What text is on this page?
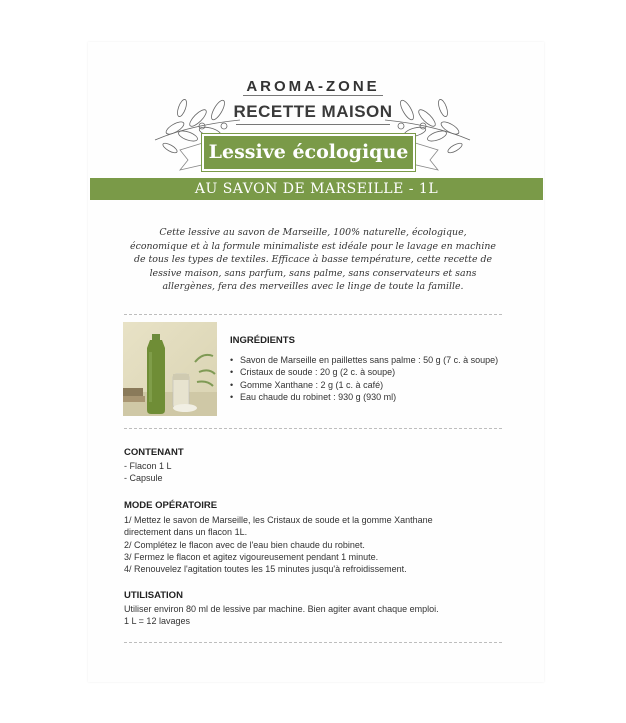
AROMA-ZONE
RECETTE MAISON
Lessive écologique
AU SAVON DE MARSEILLE - 1L
Cette lessive au savon de Marseille, 100% naturelle, écologique, économique et à la formule minimaliste est idéale pour le lavage en machine de tous les types de textiles. Efficace à basse température, cette recette de lessive maison, sans parfum, sans palme, sans conservateurs et sans allergènes, fera des merveilles avec le linge de toute la famille.
INGRÉDIENTS
• Savon de Marseille en paillettes sans palme : 50 g (7 c. à soupe)
• Cristaux de soude : 20 g (2 c. à soupe)
• Gomme Xanthane : 2 g (1 c. à café)
• Eau chaude du robinet : 930 g (930 ml)
CONTENANT
- Flacon 1 L
- Capsule
MODE OPÉRATOIRE
1/ Mettez le savon de Marseille, les Cristaux de soude et la gomme Xanthane
directement dans un flacon 1L.
2/ Complétez le flacon avec de l'eau bien chaude du robinet.
3/ Fermez le flacon et agitez vigoureusement pendant 1 minute.
4/ Renouvelez l'agitation toutes les 15 minutes jusqu'à refroidissement.
UTILISATION
Utiliser environ 80 ml de lessive par machine. Bien agiter avant chaque emploi.
1 L = 12 lavages
